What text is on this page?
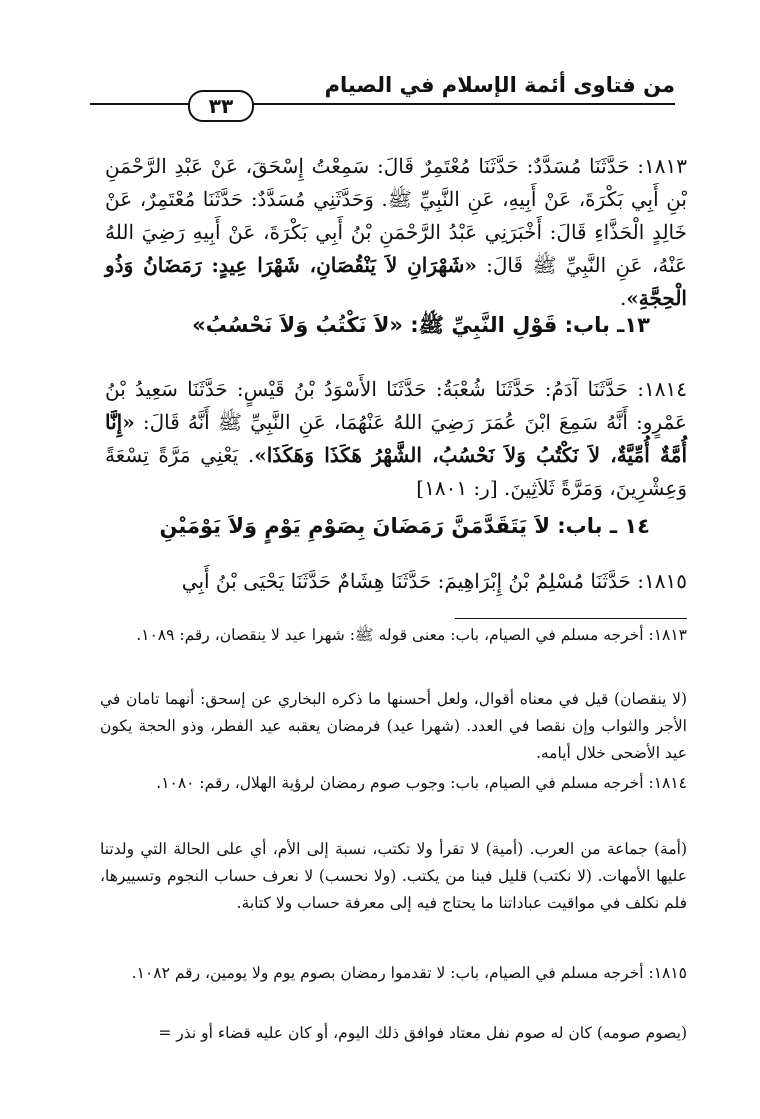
من فتاوى أئمة الإسلام في الصيام
٣٣

١٨١٣: حَدَّثَنَا مُسَدَّدٌ: حَدَّثَنَا مُعْتَمِرٌ قَالَ: سَمِعْتُ إِسْحَقَ، عَنْ عَبْدِ الرَّحْمَنِ بْنِ أَبِي بَكْرَةَ، عَنْ أَبِيهِ، عَنِ النَّبِيِّ ﷺ. وَحَدَّثَنِي مُسَدَّدٌ: حَدَّثَنَا مُعْتَمِرٌ، عَنْ خَالِدٍ الْحَذَّاءِ قَالَ: أَخْبَرَنِي عَبْدُ الرَّحْمَنِ بْنُ أَبِي بَكْرَةَ، عَنْ أَبِيهِ رَضِيَ اللهُ عَنْهُ، عَنِ النَّبِيِّ ﷺ قَالَ: «شَهْرَانِ لاَ يَنْقُصَانِ، شَهْرَا عِيدٍ: رَمَضَانُ وَذُو الْحِجَّةِ».

١٣ـ باب: قَوْلِ النَّبِيِّ ﷺ: «لاَ نَكْتُبُ وَلاَ نَحْسُبُ»

١٨١٤: حَدَّثَنَا آدَمُ: حَدَّثَنَا شُعْبَةُ: حَدَّثَنَا الأَسْوَدُ بْنُ قَيْسٍ: حَدَّثَنَا سَعِيدُ بْنُ عَمْرٍو: أَنَّهُ سَمِعَ ابْنَ عُمَرَ رَضِيَ اللهُ عَنْهُمَا، عَنِ النَّبِيِّ ﷺ أَنَّهُ قَالَ: «إِنَّا أُمَّةٌ أُمِّيَّةٌ، لاَ نَكْتُبُ وَلاَ نَحْسُبُ، الشَّهْرُ هَكَذَا وَهَكَذَا». يَعْنِي مَرَّةً تِسْعَةً وَعِشْرِينَ، وَمَرَّةً ثَلاَثِينَ. [ر: ١٨٠١]

١٤ ـ باب: لاَ يَتَقَدَّمَنَّ رَمَضَانَ بِصَوْمِ يَوْمٍ وَلاَ يَوْمَيْنِ

١٨١٥: حَدَّثَنَا مُسْلِمُ بْنُ إِبْرَاهِيمَ: حَدَّثَنَا هِشَامٌ حَدَّثَنَا يَحْيَى بْنُ أَبِي

١٨١٣: أخرجه مسلم في الصيام، باب: معنى قوله ﷺ: شهرا عيد لا ينقصان، رقم: ١٠٨٩.

(لا ينقصان) قيل في معناه أقوال، ولعل أحسنها ما ذكره البخاري عن إسحق: أنهما تامان في الأجر والثواب وإن نقصا في العدد. (شهرا عيد) فرمضان يعقبه عيد الفطر، وذو الحجة يكون عيد الأضحى خلال أيامه.

١٨١٤: أخرجه مسلم في الصيام، باب: وجوب صوم رمضان لرؤية الهلال، رقم: ١٠٨٠.

(أمة) جماعة من العرب. (أمية) لا تقرأ ولا تكتب، نسبة إلى الأم، أي على الحالة التي ولدتنا عليها الأمهات. (لا نكتب) قليل فينا من يكتب. (ولا نحسب) لا نعرف حساب النجوم وتسييرها، فلم نكلف في مواقيت عباداتنا ما يحتاج فيه إلى معرفة حساب ولا كتابة.

١٨١٥: أخرجه مسلم في الصيام، باب: لا تقدموا رمضان بصوم يوم ولا يومين، رقم ١٠٨٢.

(يصوم صومه) كان له صوم نفل معتاد فوافق ذلك اليوم، أو كان عليه قضاء أو نذر =
